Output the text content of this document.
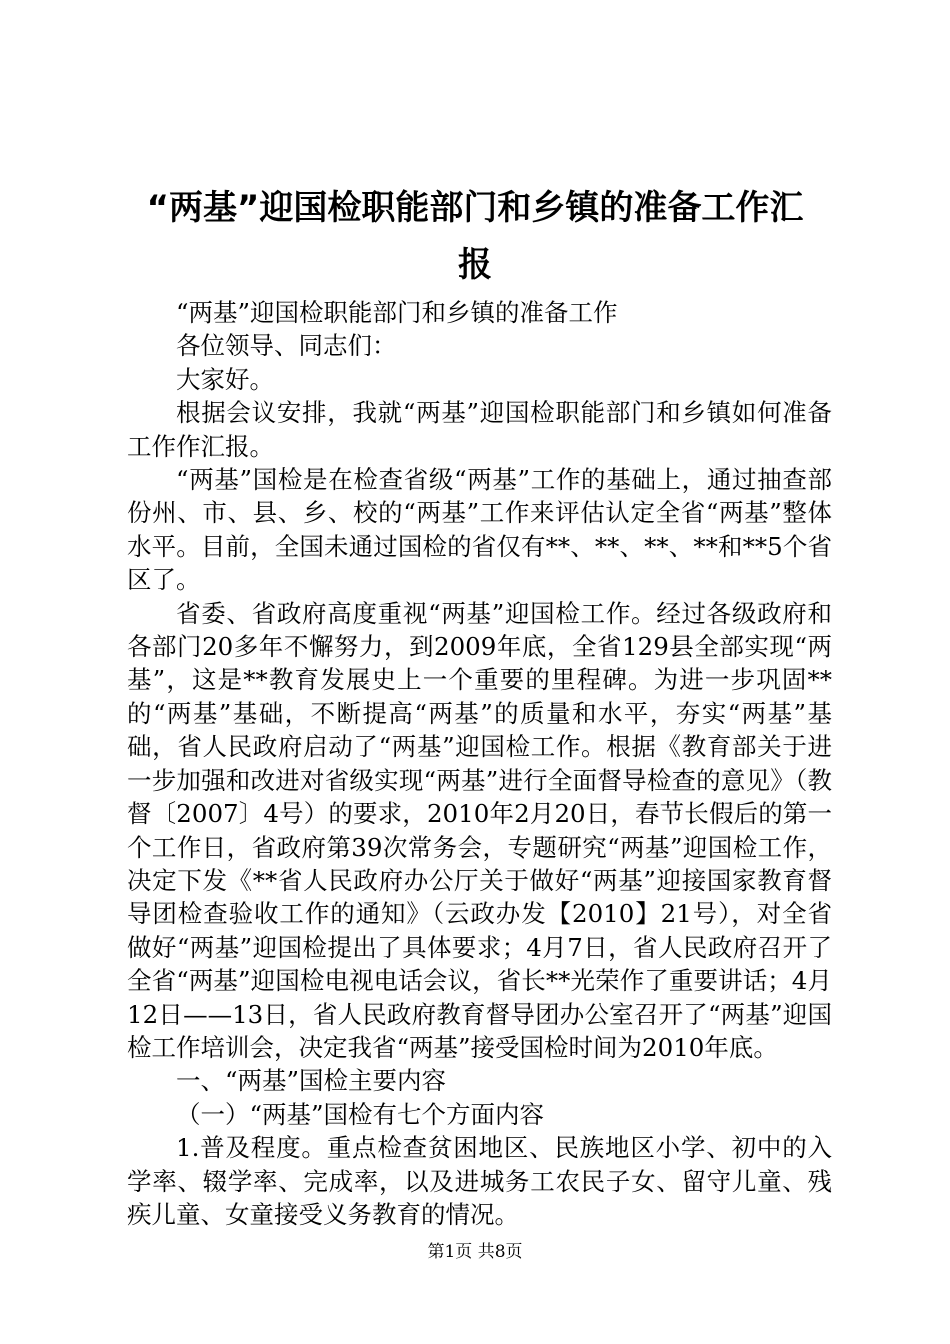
“两基”迎国检职能部门和乡镇的准备工作汇
报

“两基”迎国检职能部门和乡镇的准备工作

各位领导、同志们：

大家好。

根据会议安排，我就“两基”迎国检职能部门和乡镇如何准备工作作汇报。

“两基”国检是在检查省级“两基”工作的基础上，通过抽查部份州、市、县、乡、校的“两基”工作来评估认定全省“两基”整体水平。目前，全国未通过国检的省仅有**、**、**、**和**5个省区了。

省委、省政府高度重视“两基”迎国检工作。经过各级政府和各部门20多年不懈努力，到2009年底，全省129县全部实现“两基”，这是**教育发展史上一个重要的里程碑。为进一步巩固**的“两基”基础，不断提高“两基”的质量和水平，夯实“两基”基础，省人民政府启动了“两基”迎国检工作。根据《教育部关于进一步加强和改进对省级实现“两基”进行全面督导检查的意见》（教督〔2007〕4号）的要求，2010年2月20日，春节长假后的第一个工作日，省政府第39次常务会，专题研究“两基”迎国检工作，决定下发《**省人民政府办公厅关于做好“两基”迎接国家教育督导团检查验收工作的通知》（云政办发【2010】21号），对全省做好“两基”迎国检提出了具体要求；4月7日，省人民政府召开了全省“两基”迎国检电视电话会议，省长**光荣作了重要讲话；4月12日——13日，省人民政府教育督导团办公室召开了“两基”迎国检工作培训会，决定我省“两基”接受国检时间为2010年底。

一、“两基”国检主要内容

（一）“两基”国检有七个方面内容

1.普及程度。重点检查贫困地区、民族地区小学、初中的入学率、辍学率、完成率，以及进城务工农民子女、留守儿童、残疾儿童、女童接受义务教育的情况。

第1页 共8页
